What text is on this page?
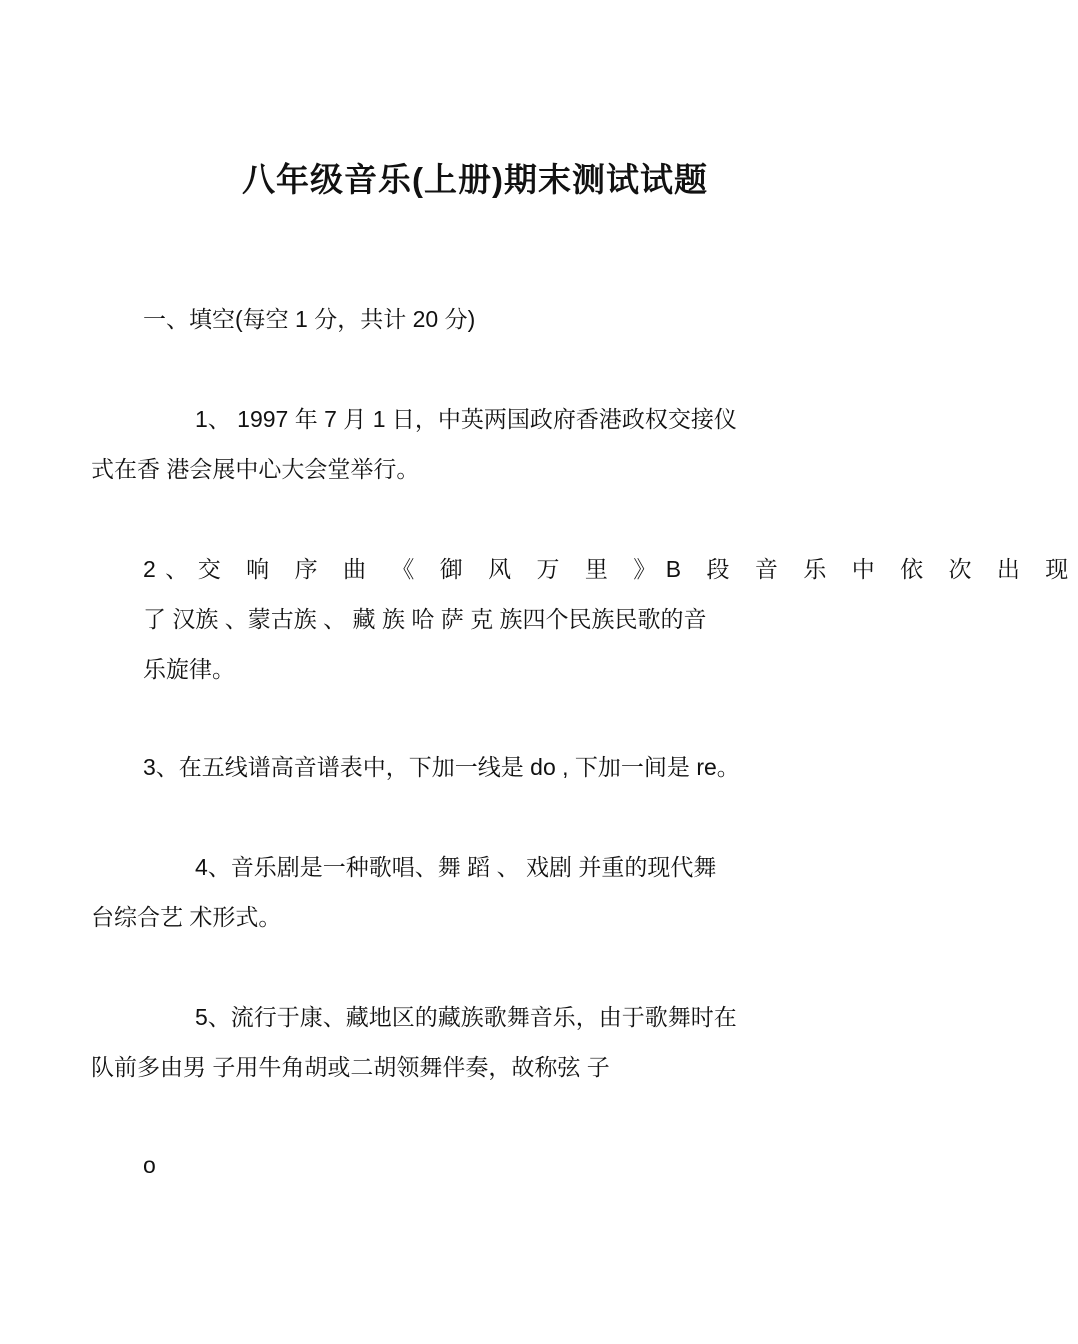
八年级音乐(上册)期末测试试题
一、填空(每空 1 分，共计 20 分)
1、 1997 年 7 月 1 日，中英两国政府香港政权交接仪
式在香 港会展中心大会堂举行。
2、交 响 序 曲 《 御 风 万 里 》B 段 音 乐 中 依 次 出 现
了 汉族 、蒙古族 、 藏 族 哈 萨 克 族四个民族民歌的音
乐旋律。
3、在五线谱高音谱表中，下加一线是 do , 下加一间是 re。
4、音乐剧是一种歌唱、舞 蹈 、 戏剧 并重的现代舞
台综合艺 术形式。
5、流行于康、藏地区的藏族歌舞音乐，由于歌舞时在
队前多由男 子用牛角胡或二胡领舞伴奏，故称弦 子
o
